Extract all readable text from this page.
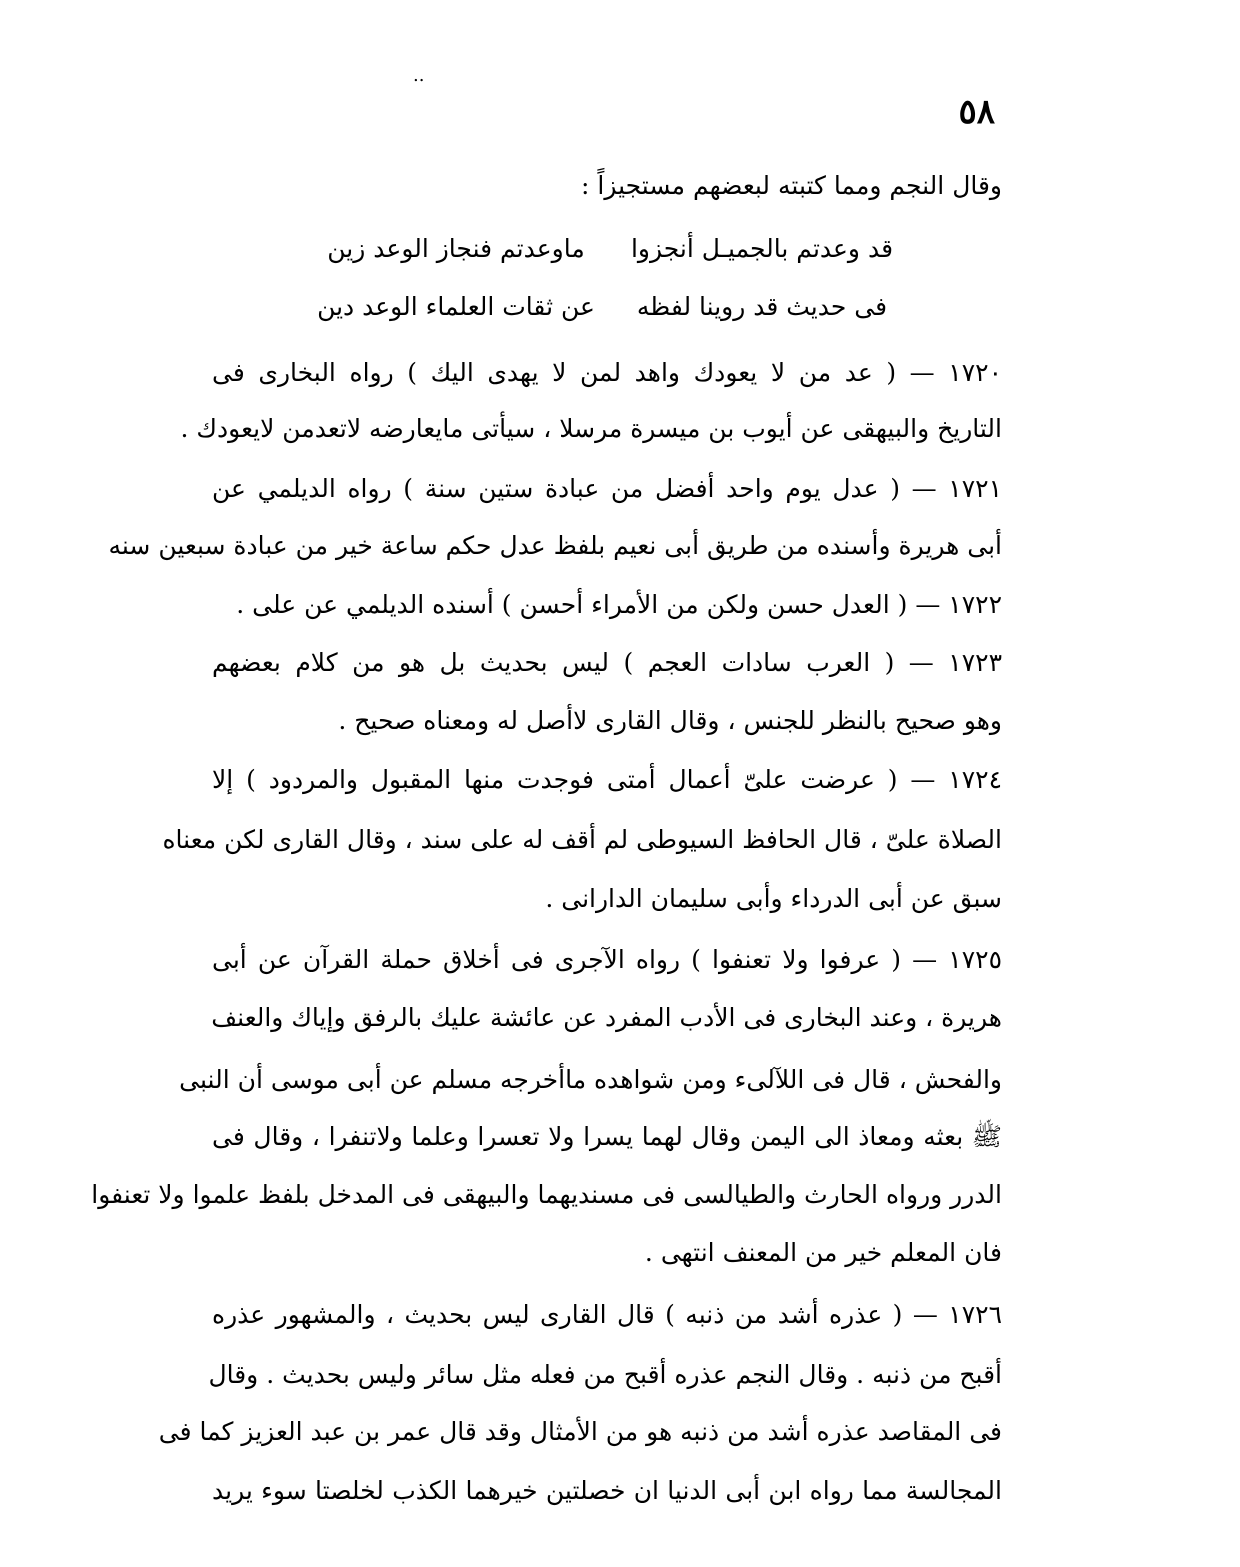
..
٥٨
وقال النجم ومما كتبته لبعضهم مستجيزاً :
قد وعدتم بالجميـل أنجزواماوعدتم فنجاز الوعد زين
فى حديث قد روينا لفظهعن ثقات العلماء الوعد دين
١٧٢٠ — ( عد من لا يعودك واهد لمن لا يهدى اليك ) رواه البخارى فى
التاريخ والبيهقى عن أيوب بن ميسرة مرسلا ، سيأتى مايعارضه لاتعدمن لايعودك .
١٧٢١ — ( عدل يوم واحد أفضل من عبادة ستين سنة ) رواه الديلمي عن
أبى هريرة وأسنده من طريق أبى نعيم بلفظ عدل حكم ساعة خير من عبادة سبعين سنه
١٧٢٢ — ( العدل حسن ولكن من الأمراء أحسن ) أسنده الديلمي عن على .
١٧٢٣ — ( العرب سادات العجم ) ليس بحديث بل هو من كلام بعضهم
وهو صحيح بالنظر للجنس ، وقال القارى لاأصل له ومعناه صحيح .
١٧٢٤ — ( عرضت علىّ أعمال أمتى فوجدت منها المقبول والمردود ) إلا
الصلاة علىّ ، قال الحافظ السيوطى لم أقف له على سند ، وقال القارى لكن معناه
سبق عن أبى الدرداء وأبى سليمان الدارانى .
١٧٢٥ — ( عرفوا ولا تعنفوا ) رواه الآجرى فى أخلاق حملة القرآن عن أبى
هريرة ، وعند البخارى فى الأدب المفرد عن عائشة عليك بالرفق وإياك والعنف
والفحش ، قال فى اللآلىء ومن شواهده ماأخرجه مسلم عن أبى موسى أن النبى
ﷺ بعثه ومعاذ الى اليمن وقال لهما يسرا ولا تعسرا وعلما ولاتنفرا ، وقال فى
الدرر ورواه الحارث والطيالسى فى مسنديهما والبيهقى فى المدخل بلفظ علموا ولا تعنفوا
فان المعلم خير من المعنف انتهى .
١٧٢٦ — ( عذره أشد من ذنبه ) قال القارى ليس بحديث ، والمشهور عذره
أقبح من ذنبه . وقال النجم عذره أقبح من فعله مثل سائر وليس بحديث . وقال
فى المقاصد عذره أشد من ذنبه هو من الأمثال وقد قال عمر بن عبد العزيز كما فى
المجالسة مما رواه ابن أبى الدنيا ان خصلتين خيرهما الكذب لخلصتا سوء يريد
